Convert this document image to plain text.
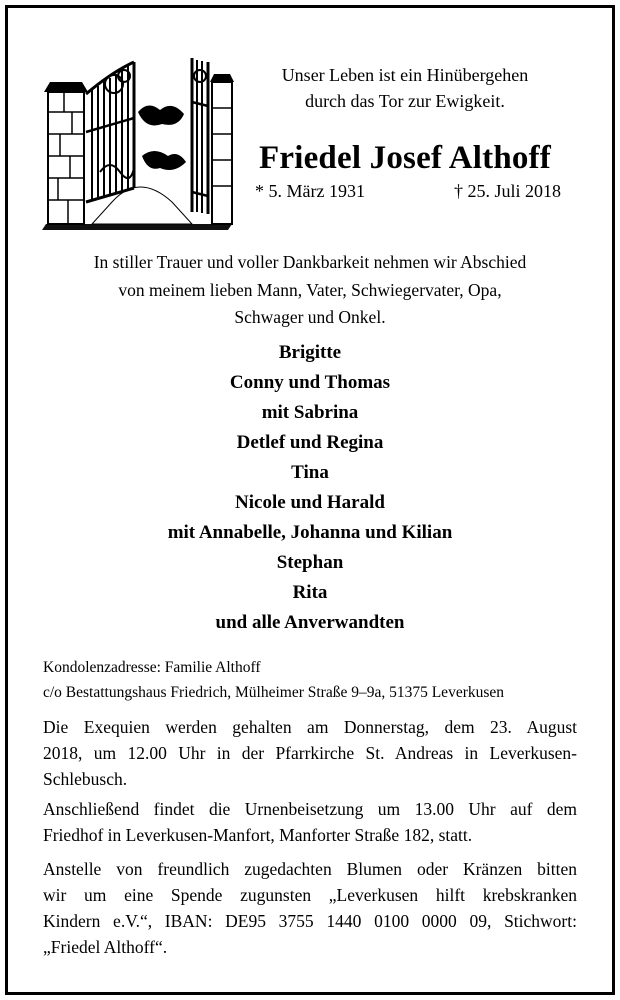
Unser Leben ist ein Hinübergehen
durch das Tor zur Ewigkeit.
Friedel Josef Althoff
* 5. März 1931	† 25. Juli 2018
In stiller Trauer und voller Dankbarkeit nehmen wir Abschied
von meinem lieben Mann, Vater, Schwiegervater, Opa,
Schwager und Onkel.
Brigitte
Conny und Thomas
mit Sabrina
Detlef und Regina
Tina
Nicole und Harald
mit Annabelle, Johanna und Kilian
Stephan
Rita
und alle Anverwandten
Kondolenzadresse: Familie Althoff
c/o Bestattungshaus Friedrich, Mülheimer Straße 9–9a, 51375 Leverkusen
Die Exequien werden gehalten am Donnerstag, dem 23. August
2018, um 12.00 Uhr in der Pfarrkirche St. Andreas in Leverkusen-
Schlebusch.
Anschließend findet die Urnenbeisetzung um 13.00 Uhr auf dem
Friedhof in Leverkusen-Manfort, Manforter Straße 182, statt.
Anstelle von freundlich zugedachten Blumen oder Kränzen bitten
wir um eine Spende zugunsten „Leverkusen hilft krebskranken
Kindern e.V.“, IBAN: DE95 3755 1440 0100 0000 09, Stichwort:
„Friedel Althoff“.
